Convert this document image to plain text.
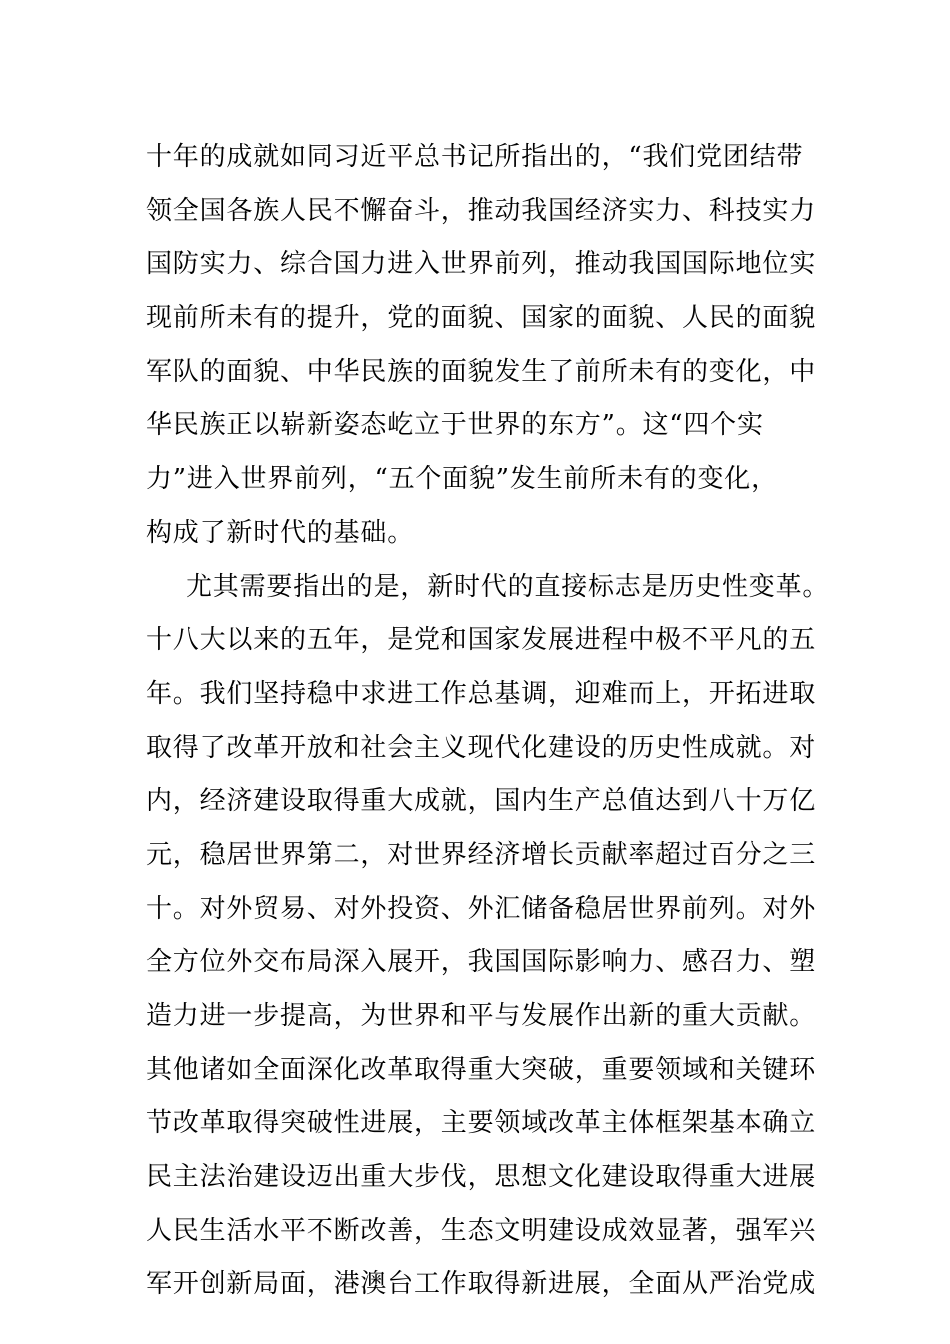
十年的成就如同习近平总书记所指出的，“我们党团结带
领全国各族人民不懈奋斗，推动我国经济实力、科技实力
国防实力、综合国力进入世界前列，推动我国国际地位实
现前所未有的提升，党的面貌、国家的面貌、人民的面貌
军队的面貌、中华民族的面貌发生了前所未有的变化，中
华民族正以崭新姿态屹立于世界的东方”。这“四个实
力”进入世界前列，“五个面貌”发生前所未有的变化，
构成了新时代的基础。
尤其需要指出的是，新时代的直接标志是历史性变革。
十八大以来的五年，是党和国家发展进程中极不平凡的五
年。我们坚持稳中求进工作总基调，迎难而上，开拓进取
取得了改革开放和社会主义现代化建设的历史性成就。对
内，经济建设取得重大成就，国内生产总值达到八十万亿
元，稳居世界第二，对世界经济增长贡献率超过百分之三
十。对外贸易、对外投资、外汇储备稳居世界前列。对外
全方位外交布局深入展开，我国国际影响力、感召力、塑
造力进一步提高，为世界和平与发展作出新的重大贡献。
其他诸如全面深化改革取得重大突破，重要领域和关键环
节改革取得突破性进展，主要领域改革主体框架基本确立
民主法治建设迈出重大步伐，思想文化建设取得重大进展
人民生活水平不断改善，生态文明建设成效显著，强军兴
军开创新局面，港澳台工作取得新进展，全面从严治党成
